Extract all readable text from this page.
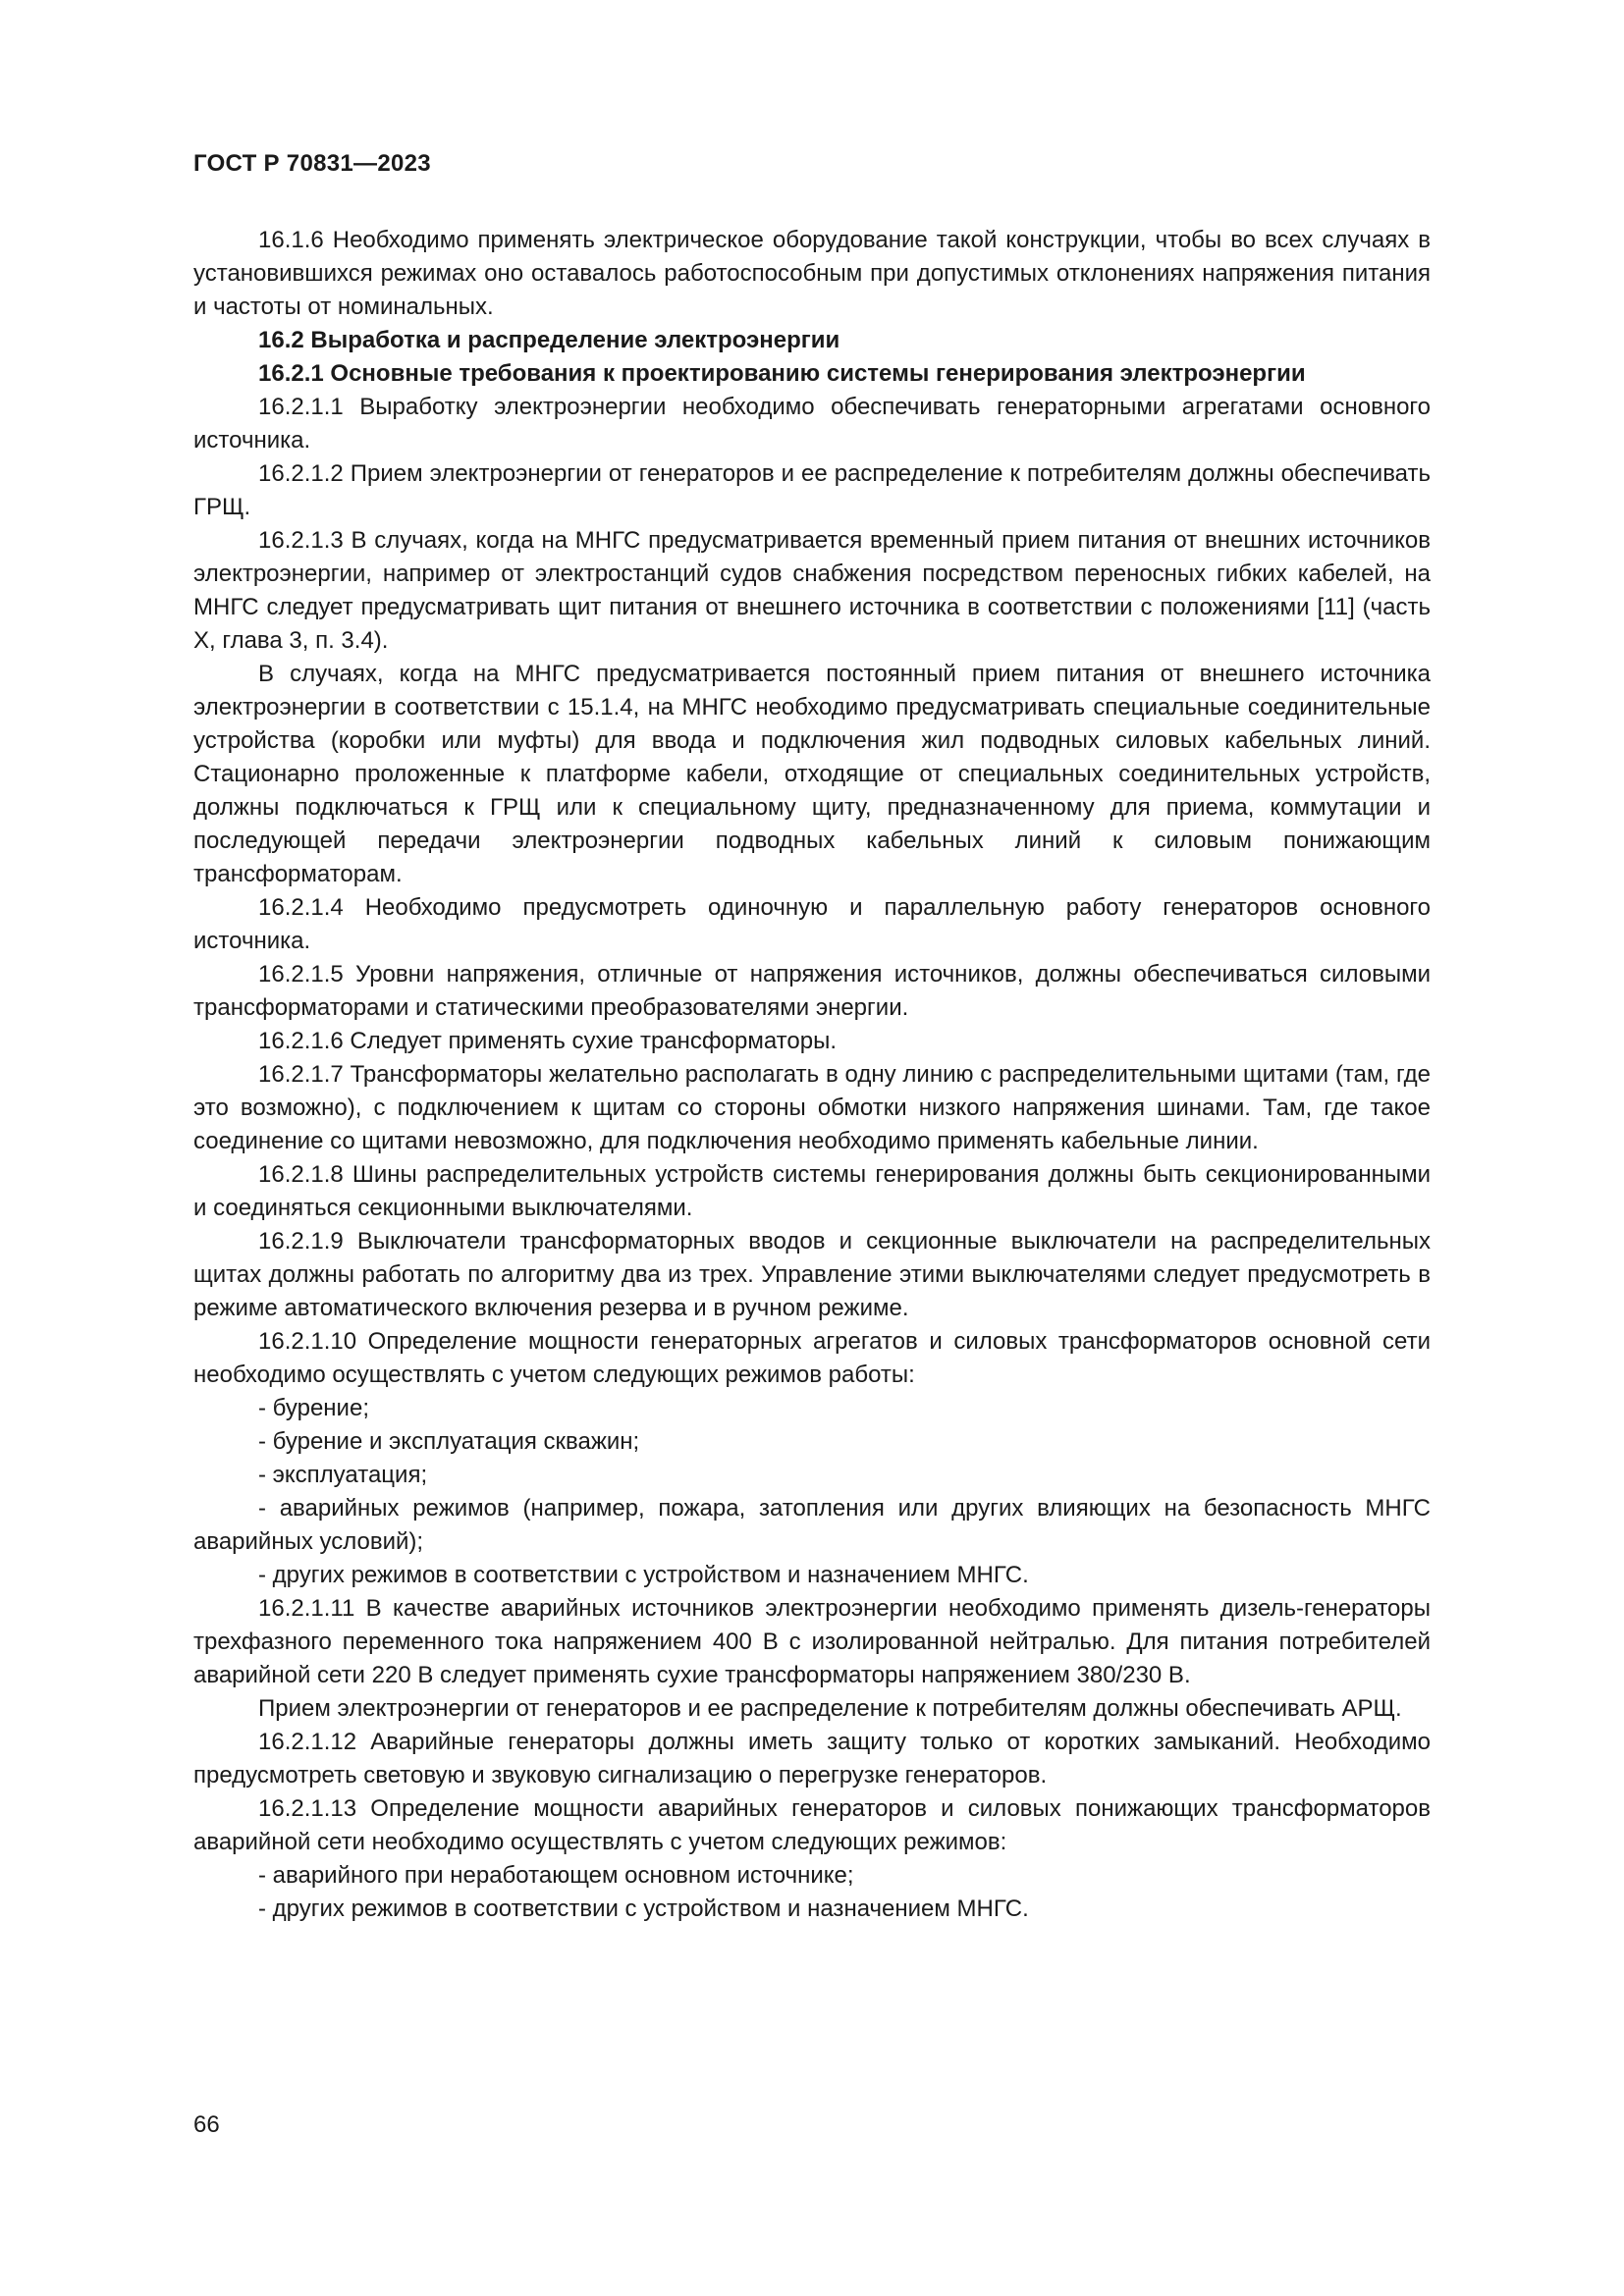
ГОСТ Р 70831—2023

16.1.6 Необходимо применять электрическое оборудование такой конструкции, чтобы во всех случаях в установившихся режимах оно оставалось работоспособным при допустимых отклонениях напряжения питания и частоты от номинальных.

16.2 Выработка и распределение электроэнергии

16.2.1 Основные требования к проектированию системы генерирования электроэнергии

16.2.1.1 Выработку электроэнергии необходимо обеспечивать генераторными агрегатами основного источника.

16.2.1.2 Прием электроэнергии от генераторов и ее распределение к потребителям должны обеспечивать ГРЩ.

16.2.1.3 В случаях, когда на МНГС предусматривается временный прием питания от внешних источников электроэнергии, например от электростанций судов снабжения посредством переносных гибких кабелей, на МНГС следует предусматривать щит питания от внешнего источника в соответствии с положениями [11] (часть X, глава 3, п. 3.4).

В случаях, когда на МНГС предусматривается постоянный прием питания от внешнего источника электроэнергии в соответствии с 15.1.4, на МНГС необходимо предусматривать специальные соединительные устройства (коробки или муфты) для ввода и подключения жил подводных силовых кабельных линий. Стационарно проложенные к платформе кабели, отходящие от специальных соединительных устройств, должны подключаться к ГРЩ или к специальному щиту, предназначенному для приема, коммутации и последующей передачи электроэнергии подводных кабельных линий к силовым понижающим трансформаторам.

16.2.1.4 Необходимо предусмотреть одиночную и параллельную работу генераторов основного источника.

16.2.1.5 Уровни напряжения, отличные от напряжения источников, должны обеспечиваться силовыми трансформаторами и статическими преобразователями энергии.

16.2.1.6 Следует применять сухие трансформаторы.

16.2.1.7 Трансформаторы желательно располагать в одну линию с распределительными щитами (там, где это возможно), с подключением к щитам со стороны обмотки низкого напряжения шинами. Там, где такое соединение со щитами невозможно, для подключения необходимо применять кабельные линии.

16.2.1.8 Шины распределительных устройств системы генерирования должны быть секционированными и соединяться секционными выключателями.

16.2.1.9 Выключатели трансформаторных вводов и секционные выключатели на распределительных щитах должны работать по алгоритму два из трех. Управление этими выключателями следует предусмотреть в режиме автоматического включения резерва и в ручном режиме.

16.2.1.10 Определение мощности генераторных агрегатов и силовых трансформаторов основной сети необходимо осуществлять с учетом следующих режимов работы:

- бурение;

- бурение и эксплуатация скважин;

- эксплуатация;

- аварийных режимов (например, пожара, затопления или других влияющих на безопасность МНГС аварийных условий);

- других режимов в соответствии с устройством и назначением МНГС.

16.2.1.11 В качестве аварийных источников электроэнергии необходимо применять дизель-генераторы трехфазного переменного тока напряжением 400 В с изолированной нейтралью. Для питания потребителей аварийной сети 220 В следует применять сухие трансформаторы напряжением 380/230 В.

Прием электроэнергии от генераторов и ее распределение к потребителям должны обеспечивать АРЩ.

16.2.1.12 Аварийные генераторы должны иметь защиту только от коротких замыканий. Необходимо предусмотреть световую и звуковую сигнализацию о перегрузке генераторов.

16.2.1.13 Определение мощности аварийных генераторов и силовых понижающих трансформаторов аварийной сети необходимо осуществлять с учетом следующих режимов:

- аварийного при неработающем основном источнике;

- других режимов в соответствии с устройством и назначением МНГС.

66
